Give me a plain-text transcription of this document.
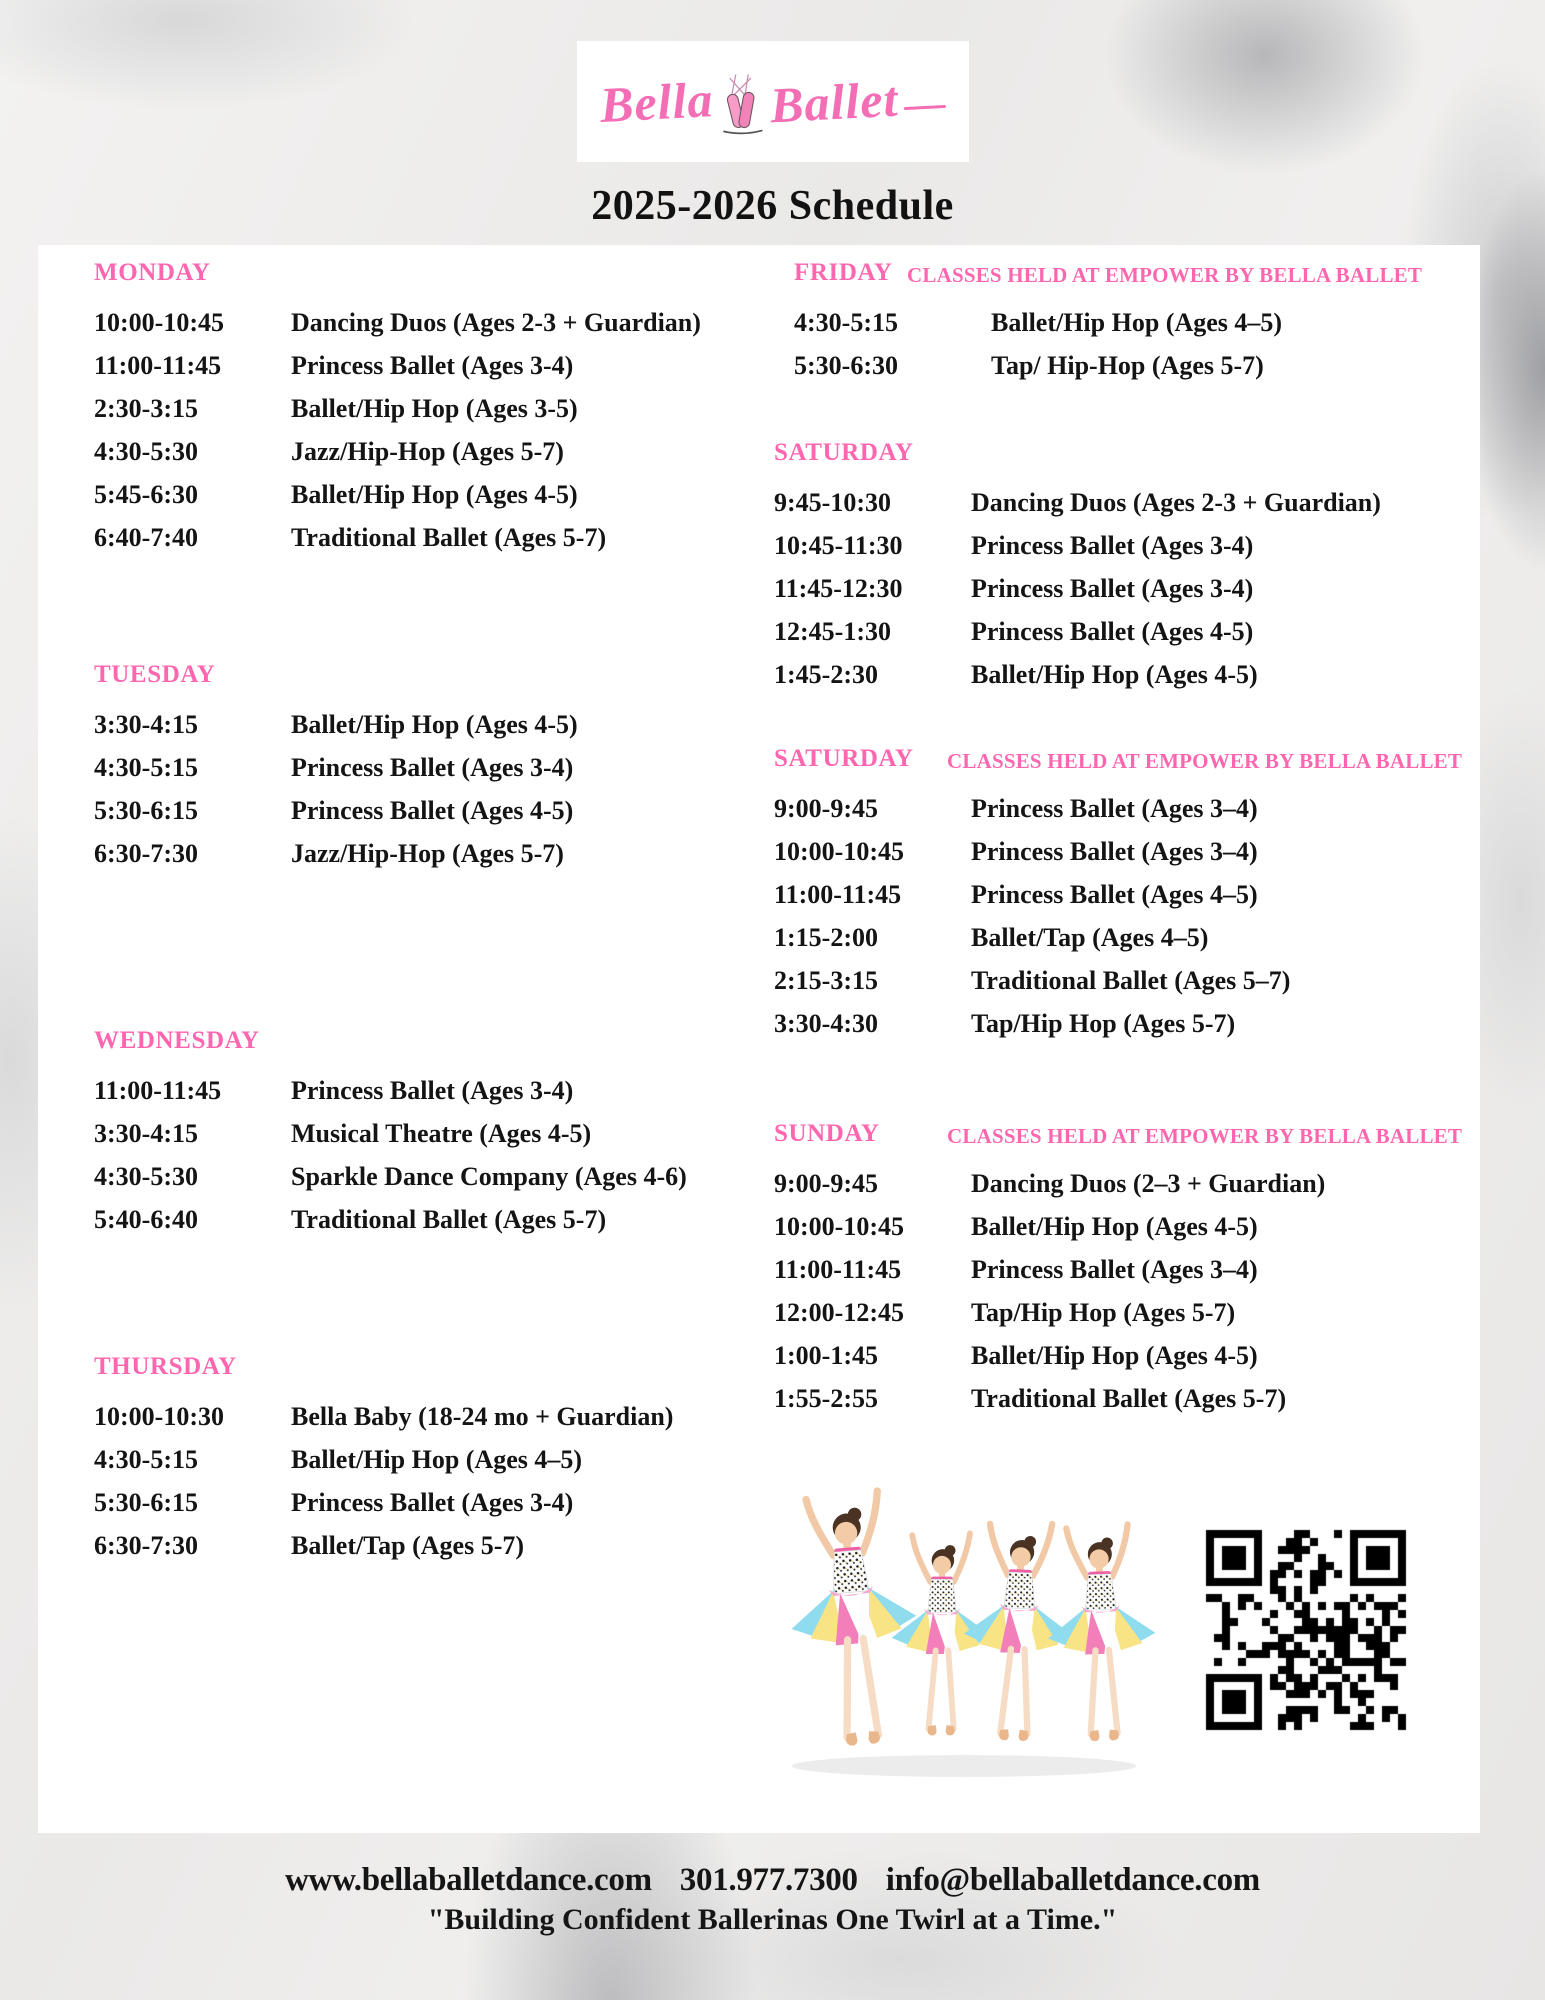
Bella Ballet
2025-2026 Schedule
MONDAY
10:00-10:45	Dancing Duos (Ages 2-3 + Guardian)
11:00-11:45	Princess Ballet (Ages 3-4)
2:30-3:15	Ballet/Hip Hop (Ages 3-5)
4:30-5:30	Jazz/Hip-Hop (Ages 5-7)
5:45-6:30	Ballet/Hip Hop (Ages 4-5)
6:40-7:40	Traditional Ballet (Ages 5-7)
TUESDAY
3:30-4:15	Ballet/Hip Hop (Ages 4-5)
4:30-5:15	Princess Ballet (Ages 3-4)
5:30-6:15	Princess Ballet (Ages 4-5)
6:30-7:30	Jazz/Hip-Hop (Ages 5-7)
WEDNESDAY
11:00-11:45	Princess Ballet (Ages 3-4)
3:30-4:15	Musical Theatre (Ages 4-5)
4:30-5:30	Sparkle Dance Company (Ages 4-6)
5:40-6:40	Traditional Ballet (Ages 5-7)
THURSDAY
10:00-10:30	Bella Baby (18-24 mo + Guardian)
4:30-5:15	Ballet/Hip Hop (Ages 4–5)
5:30-6:15	Princess Ballet (Ages 3-4)
6:30-7:30	Ballet/Tap (Ages 5-7)
FRIDAY CLASSES HELD AT EMPOWER BY BELLA BALLET
4:30-5:15	Ballet/Hip Hop (Ages 4–5)
5:30-6:30	Tap/ Hip-Hop (Ages 5-7)
SATURDAY
9:45-10:30	Dancing Duos (Ages 2-3 + Guardian)
10:45-11:30	Princess Ballet (Ages 3-4)
11:45-12:30	Princess Ballet (Ages 3-4)
12:45-1:30	Princess Ballet (Ages 4-5)
1:45-2:30	Ballet/Hip Hop (Ages 4-5)
SATURDAY CLASSES HELD AT EMPOWER BY BELLA BALLET
9:00-9:45	Princess Ballet (Ages 3–4)
10:00-10:45	Princess Ballet (Ages 3–4)
11:00-11:45	Princess Ballet (Ages 4–5)
1:15-2:00	Ballet/Tap (Ages 4–5)
2:15-3:15	Traditional Ballet (Ages 5–7)
3:30-4:30	Tap/Hip Hop (Ages 5-7)
SUNDAY	CLASSES HELD AT EMPOWER BY BELLA BALLET
9:00-9:45	Dancing Duos (2–3 + Guardian)
10:00-10:45	Ballet/Hip Hop (Ages 4-5)
11:00-11:45	Princess Ballet (Ages 3–4)
12:00-12:45	Tap/Hip Hop (Ages 5-7)
1:00-1:45	Ballet/Hip Hop (Ages 4-5)
1:55-2:55	Traditional Ballet (Ages 5-7)
www.bellaballetdance.com 301.977.7300 info@bellaballetdance.com
"Building Confident Ballerinas One Twirl at a Time."
